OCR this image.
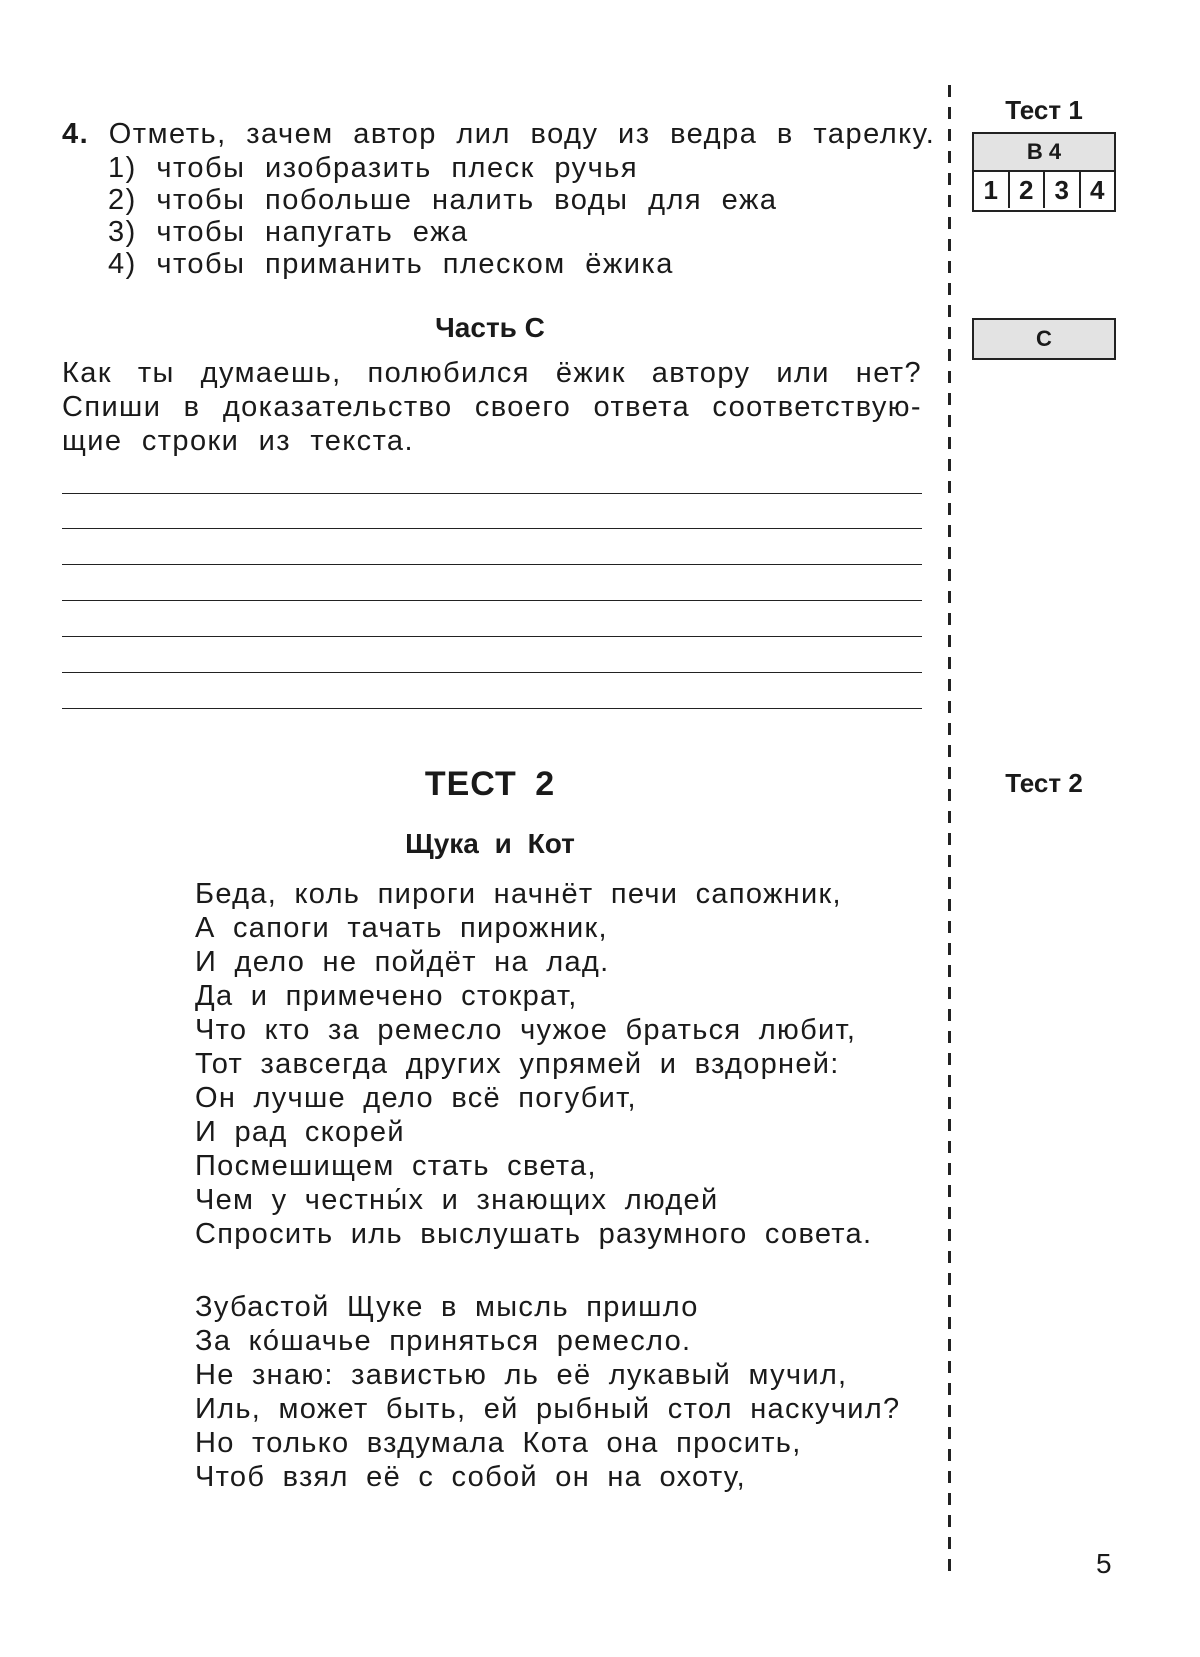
4. Отметь, зачем автор лил воду из ведра в тарелку.
1) чтобы изобразить плеск ручья
2) чтобы побольше налить воды для ежа
3) чтобы напугать ежа
4) чтобы приманить плеском ёжика
Часть С
Как ты думаешь, полюбился ёжик автору или нет?
Спиши в доказательство своего ответа соответствую-
щие строки из текста.
ТЕСТ 2
Щука и Кот
Беда, коль пироги начнёт печи сапожник,
А сапоги тачать пирожник,
И дело не пойдёт на лад.
Да и примечено стократ,
Что кто за ремесло чужое браться любит,
Тот завсегда других упрямей и вздорней:
Он лучше дело всё погубит,
И рад скорей
Посмешищем стать света,
Чем у честны́х и знающих людей
Спросить иль выслушать разумного совета.
Зубастой Щуке в мысль пришло
За ко́шачье приняться ремесло.
Не знаю: завистью ль её лукавый мучил,
Иль, может быть, ей рыбный стол наскучил?
Но только вздумала Кота она просить,
Чтоб взял её с собой он на охоту,
Тест 1
В 4
1 2 3 4
С
Тест 2
5
